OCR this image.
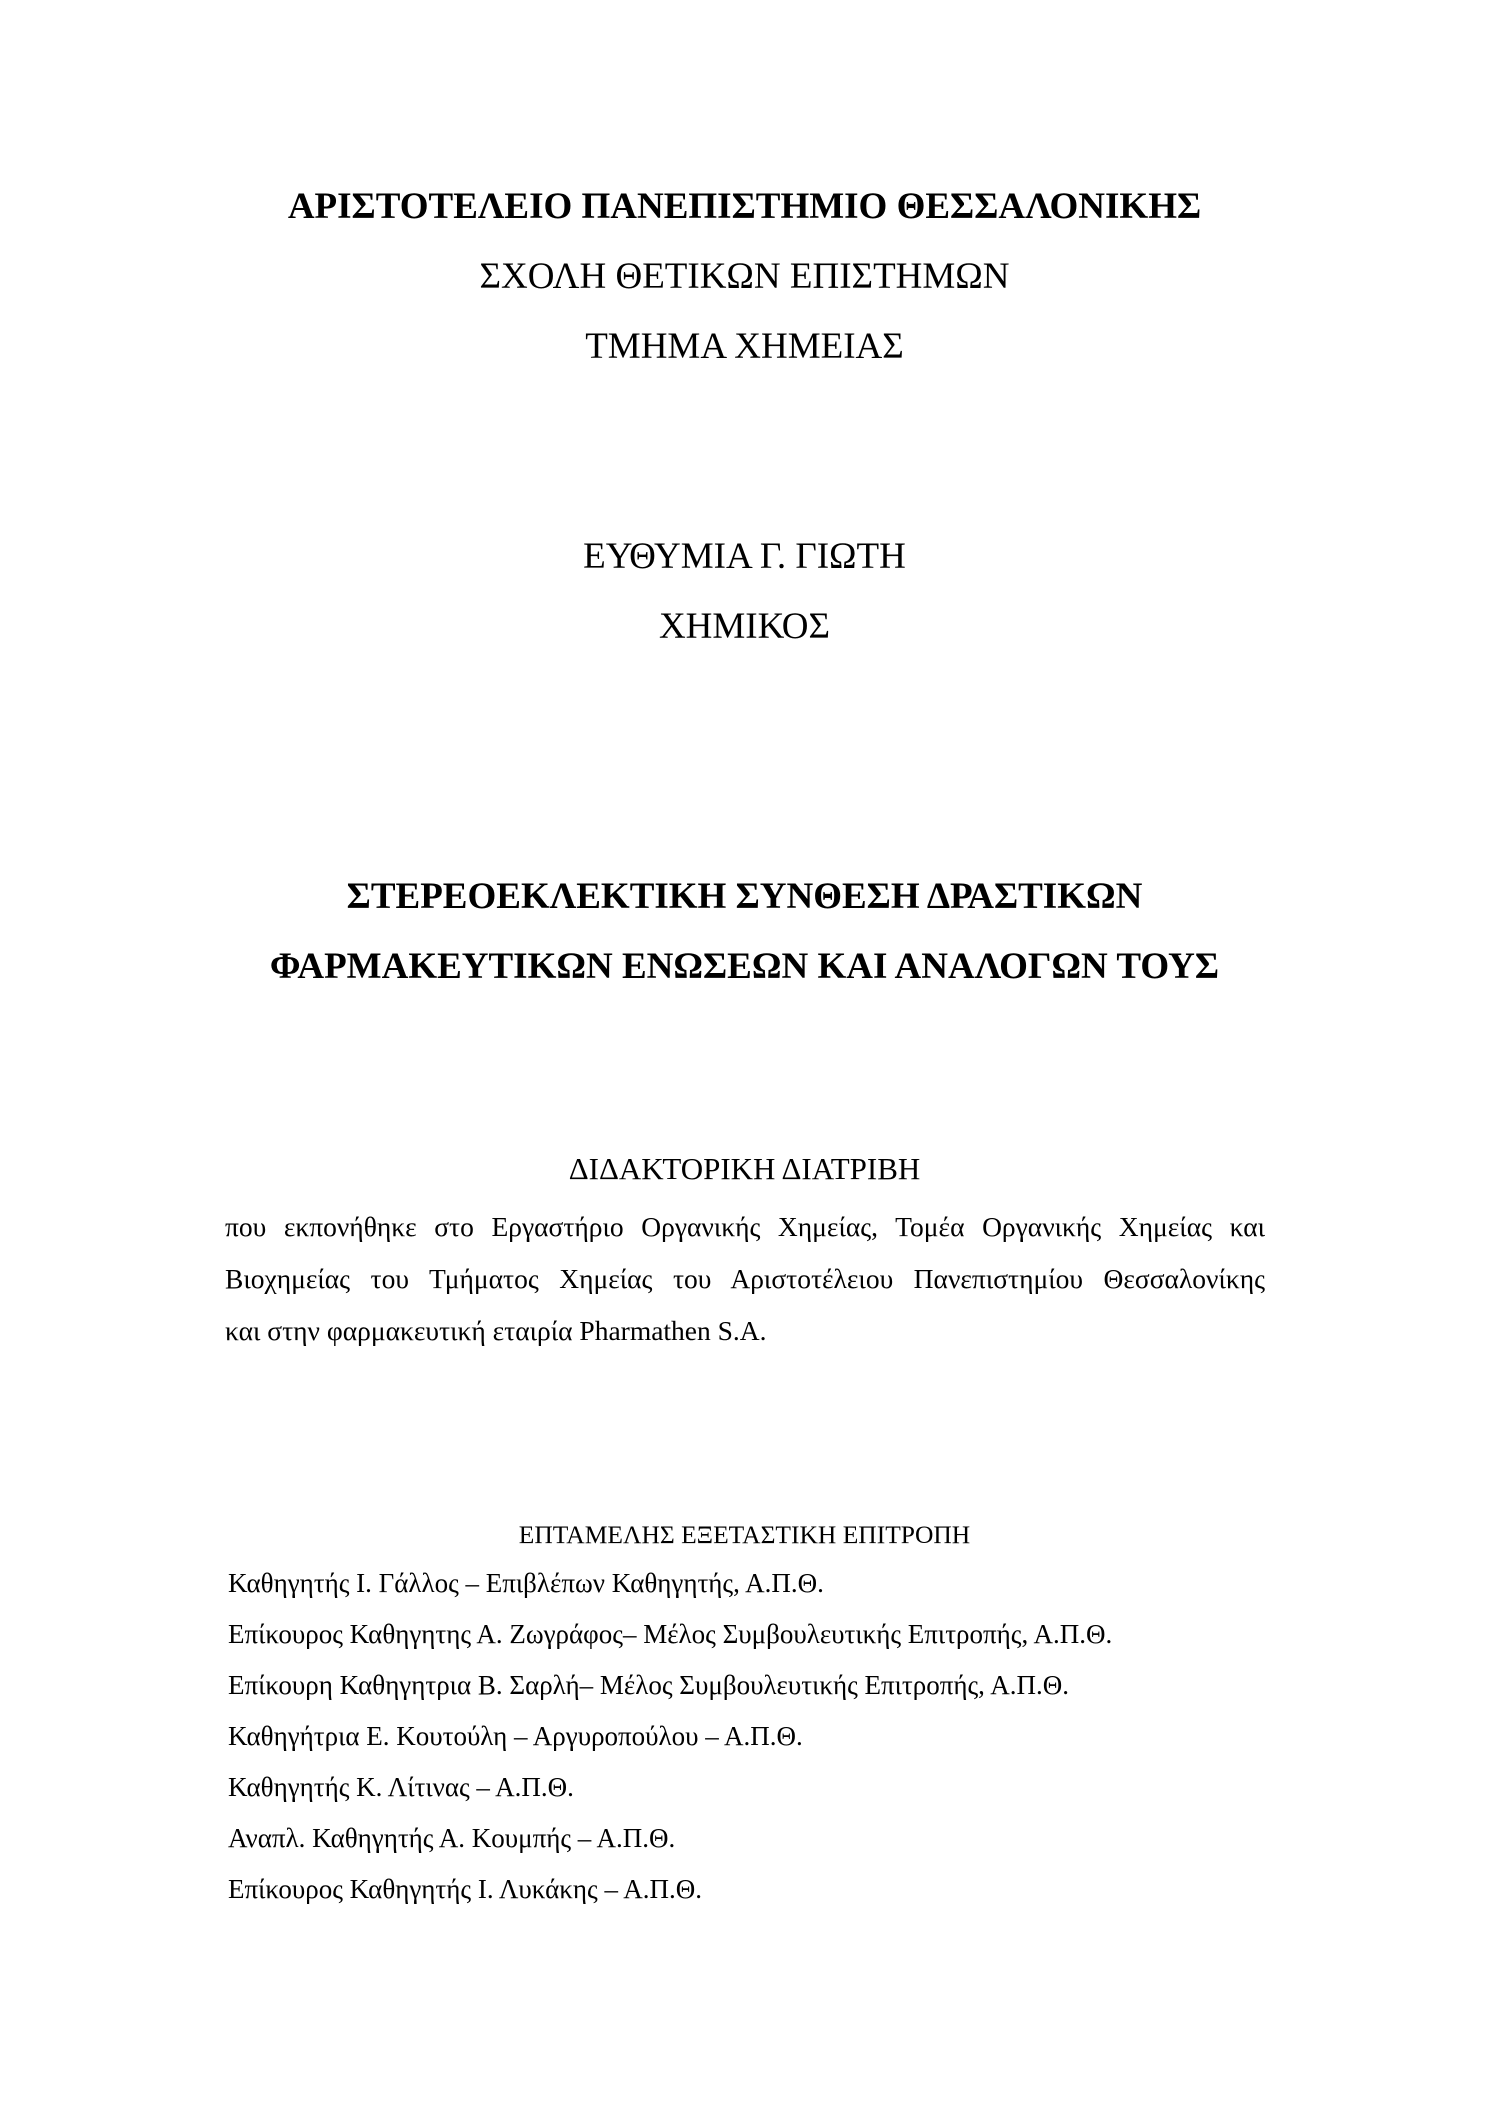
ΑΡΙΣΤΟΤΕΛΕΙΟ ΠΑΝΕΠΙΣΤΗΜΙΟ ΘΕΣΣΑΛΟΝΙΚΗΣ
ΣΧΟΛΗ ΘΕΤΙΚΩΝ ΕΠΙΣΤΗΜΩΝ
ΤΜΗΜΑ ΧΗΜΕΙΑΣ
ΕΥΘΥΜΙΑ Γ. ΓΙΩΤΗ
ΧΗΜΙΚΟΣ
ΣΤΕΡΕΟΕΚΛΕΚΤΙΚΗ ΣΥΝΘΕΣΗ ΔΡΑΣΤΙΚΩΝ
ΦΑΡΜΑΚΕΥΤΙΚΩΝ ΕΝΩΣΕΩΝ ΚΑΙ ΑΝΑΛΟΓΩΝ ΤΟΥΣ
ΔΙΔΑΚΤΟΡΙΚΗ ΔΙΑΤΡΙΒΗ
που εκπονήθηκε στο Εργαστήριο Οργανικής Χημείας, Τομέα Οργανικής Χημείας και
Βιοχημείας του Τμήματος Χημείας του Αριστοτέλειου Πανεπιστημίου Θεσσαλονίκης
και στην φαρμακευτική εταιρία Pharmathen S.A.
ΕΠΤΑΜΕΛΗΣ ΕΞΕΤΑΣΤΙΚΗ ΕΠΙΤΡΟΠΗ
Καθηγητής Ι. Γάλλος – Επιβλέπων Καθηγητής, Α.Π.Θ.
Επίκουρος Καθηγητης Α. Ζωγράφος– Μέλος Συμβουλευτικής Επιτροπής, Α.Π.Θ.
Επίκουρη Καθηγητρια Β. Σαρλή– Μέλος Συμβουλευτικής Επιτροπής, Α.Π.Θ.
Καθηγήτρια Ε. Κουτούλη – Αργυροπούλου – Α.Π.Θ.
Καθηγητής Κ. Λίτινας – Α.Π.Θ.
Αναπλ. Καθηγητής Α. Κουμπής – Α.Π.Θ.
Επίκουρος Καθηγητής Ι. Λυκάκης – Α.Π.Θ.
